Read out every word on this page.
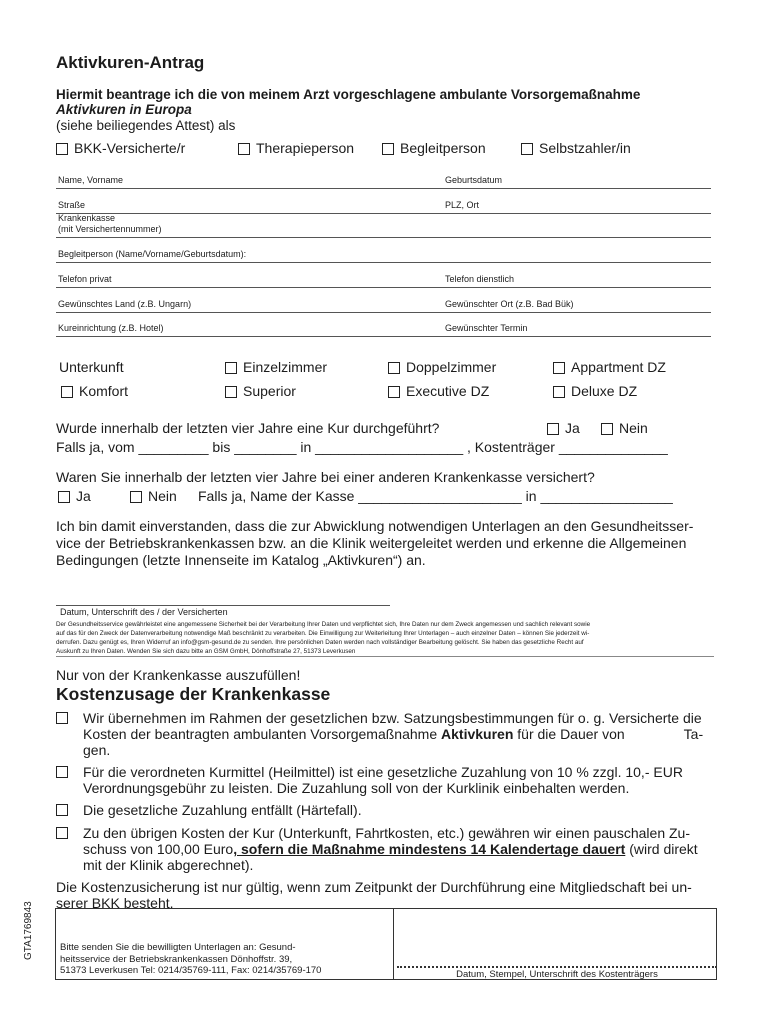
Aktivkuren-Antrag
Hiermit beantrage ich die von meinem Arzt vorgeschlagene ambulante Vorsorgemaßnahme
Aktivkuren in Europa
(siehe beiliegendes Attest) als
BKK-Versicherte/r	Therapieperson	Begleitperson	Selbstzahler/in
Name, Vorname	Geburtsdatum
Straße	PLZ, Ort
Krankenkasse
(mit Versichertennummer)
Begleitperson (Name/Vorname/Geburtsdatum):
Telefon privat	Telefon dienstlich
Gewünschtes Land (z.B. Ungarn)	Gewünschter Ort (z.B. Bad Bük)
Kureinrichtung (z.B. Hotel)	Gewünschter Termin
Unterkunft	Einzelzimmer	Doppelzimmer	Appartment DZ
Komfort	Superior	Executive DZ	Deluxe DZ
Wurde innerhalb der letzten vier Jahre eine Kur durchgeführt?	Ja	Nein
Falls ja, vom _________ bis ________ in ___________________ , Kostenträger ______________
Waren Sie innerhalb der letzten vier Jahre bei einer anderen Krankenkasse versichert?
Ja	Nein Falls ja, Name der Kasse _____________________ in _________________
Ich bin damit einverstanden, dass die zur Abwicklung notwendigen Unterlagen an den Gesundheitsser-
vice der Betriebskrankenkassen bzw. an die Klinik weitergeleitet werden und erkenne die Allgemeinen
Bedingungen (letzte Innenseite im Katalog „Aktivkuren“) an.
Datum, Unterschrift des / der Versicherten
Der Gesundheitsservice gewährleistet eine angemessene Sicherheit bei der Verarbeitung Ihrer Daten und verpflichtet sich, Ihre Daten nur dem Zweck angemessen und sachlich relevant sowie
auf das für den Zweck der Datenverarbeitung notwendige Maß beschränkt zu verarbeiten. Die Einwilligung zur Weiterleitung Ihrer Unterlagen – auch einzelner Daten – können Sie jederzeit wi-
derrufen. Dazu genügt es, Ihren Widerruf an info@gsm-gesund.de zu senden. Ihre persönlichen Daten werden nach vollständiger Bearbeitung gelöscht. Sie haben das gesetzliche Recht auf
Auskunft zu Ihren Daten. Wenden Sie sich dazu bitte an GSM GmbH, Dönhoffstraße 27, 51373 Leverkusen
Nur von der Krankenkasse auszufüllen!
Kostenzusage der Krankenkasse
Wir übernehmen im Rahmen der gesetzlichen bzw. Satzungsbestimmungen für o. g. Versicherte die
Kosten der beantragten ambulanten Vorsorgemaßnahme Aktivkuren für die Dauer von	Ta-
gen.
Für die verordneten Kurmittel (Heilmittel) ist eine gesetzliche Zuzahlung von 10 % zzgl. 10,- EUR
Verordnungsgebühr zu leisten. Die Zuzahlung soll von der Kurklinik einbehalten werden.
Die gesetzliche Zuzahlung entfällt (Härtefall).
Zu den übrigen Kosten der Kur (Unterkunft, Fahrtkosten, etc.) gewähren wir einen pauschalen Zu-
schuss von 100,00 Euro, sofern die Maßnahme mindestens 14 Kalendertage dauert (wird direkt
mit der Klinik abgerechnet).
Die Kostenzusicherung ist nur gültig, wenn zum Zeitpunkt der Durchführung eine Mitgliedschaft bei un-
serer BKK besteht.
Bitte senden Sie die bewilligten Unterlagen an: Gesund-
heitsservice der Betriebskrankenkassen Dönhoffstr. 39,
51373 Leverkusen Tel: 0214/35769-111, Fax: 0214/35769-170	Datum, Stempel, Unterschrift des Kostenträgers
GTA1769843
